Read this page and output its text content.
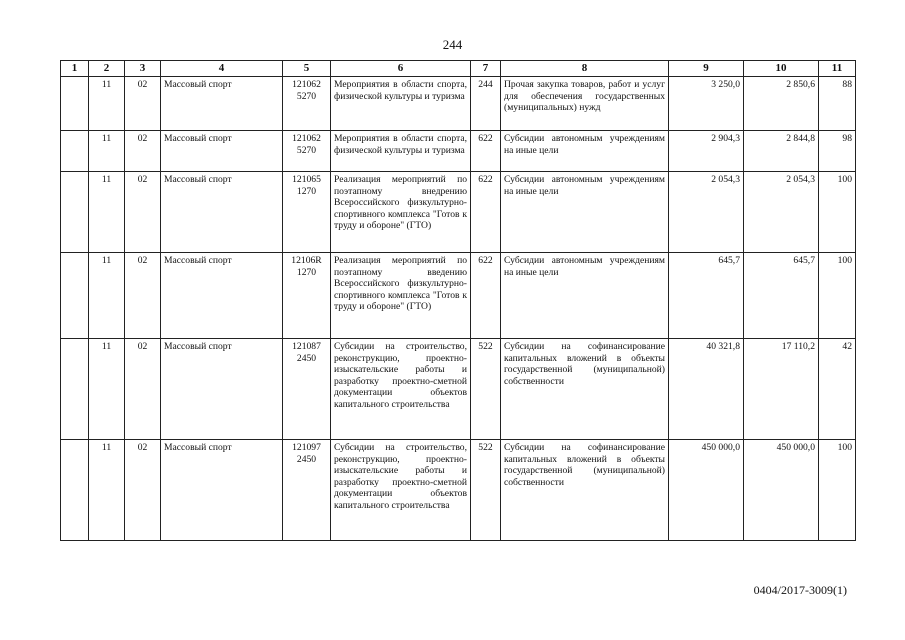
244
1	2	3	4	5	6	7	8	9	10	11
	11	02	Массовый спорт	121062 5270	Мероприятия в области спорта, физической культуры и туризма	244	Прочая закупка товаров, работ и услуг для обеспечения государственных (муниципальных) нужд	3 250,0	2 850,6	88
	11	02	Массовый спорт	121062 5270	Мероприятия в области спорта, физической культуры и туризма	622	Субсидии автономным учреждениям на иные цели	2 904,3	2 844,8	98
	11	02	Массовый спорт	121065 1270	Реализация мероприятий по поэтапному внедрению Всероссийского физкультурно-спортивного комплекса "Готов к труду и обороне" (ГТО)	622	Субсидии автономным учреждениям на иные цели	2 054,3	2 054,3	100
	11	02	Массовый спорт	12106R 1270	Реализация мероприятий по поэтапному введению Всероссийского физкультурно-спортивного комплекса "Готов к труду и обороне" (ГТО)	622	Субсидии автономным учреждениям на иные цели	645,7	645,7	100
	11	02	Массовый спорт	121087 2450	Субсидии на строительство, реконструкцию, проектно-изыскательские работы и разработку проектно-сметной документации объектов капитального строительства	522	Субсидии на софинансирование капитальных вложений в объекты государственной (муниципальной) собственности	40 321,8	17 110,2	42
	11	02	Массовый спорт	121097 2450	Субсидии на строительство, реконструкцию, проектно-изыскательские работы и разработку проектно-сметной документации объектов капитального строительства	522	Субсидии на софинансирование капитальных вложений в объекты государственной (муниципальной) собственности	450 000,0	450 000,0	100
0404/2017-3009(1)
